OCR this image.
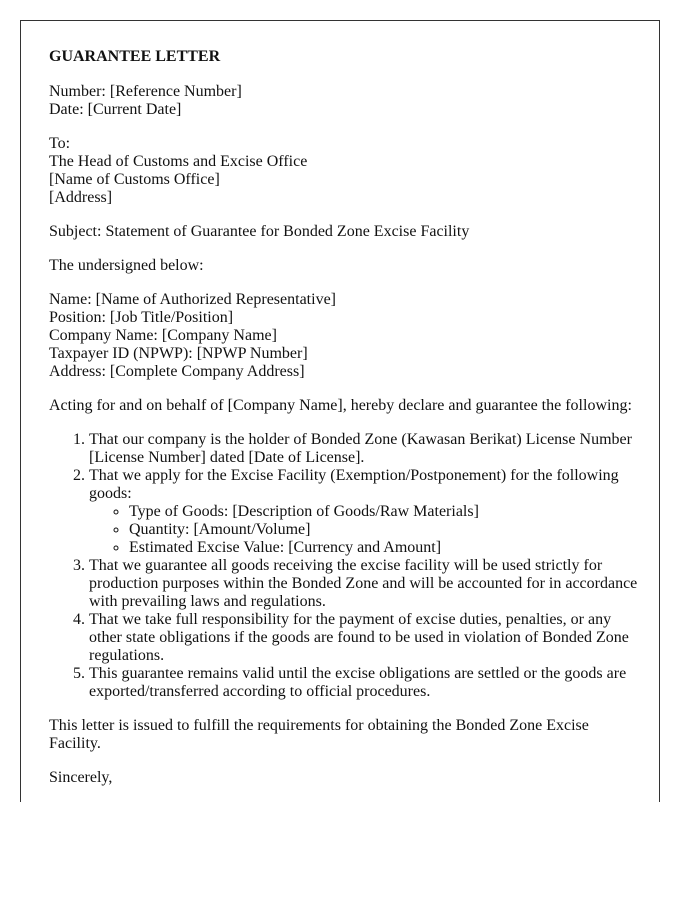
GUARANTEE LETTER

Number: [Reference Number]
Date: [Current Date]

To:
The Head of Customs and Excise Office
[Name of Customs Office]
[Address]

Subject: Statement of Guarantee for Bonded Zone Excise Facility

The undersigned below:

Name: [Name of Authorized Representative]
Position: [Job Title/Position]
Company Name: [Company Name]
Taxpayer ID (NPWP): [NPWP Number]
Address: [Complete Company Address]

Acting for and on behalf of [Company Name], hereby declare and guarantee the following:

1. That our company is the holder of Bonded Zone (Kawasan Berikat) License Number [License Number] dated [Date of License].
2. That we apply for the Excise Facility (Exemption/Postponement) for the following goods:
◦ Type of Goods: [Description of Goods/Raw Materials]
◦ Quantity: [Amount/Volume]
◦ Estimated Excise Value: [Currency and Amount]
3. That we guarantee all goods receiving the excise facility will be used strictly for production purposes within the Bonded Zone and will be accounted for in accordance with prevailing laws and regulations.
4. That we take full responsibility for the payment of excise duties, penalties, or any other state obligations if the goods are found to be used in violation of Bonded Zone regulations.
5. This guarantee remains valid until the excise obligations are settled or the goods are exported/transferred according to official procedures.

This letter is issued to fulfill the requirements for obtaining the Bonded Zone Excise Facility.

Sincerely,
